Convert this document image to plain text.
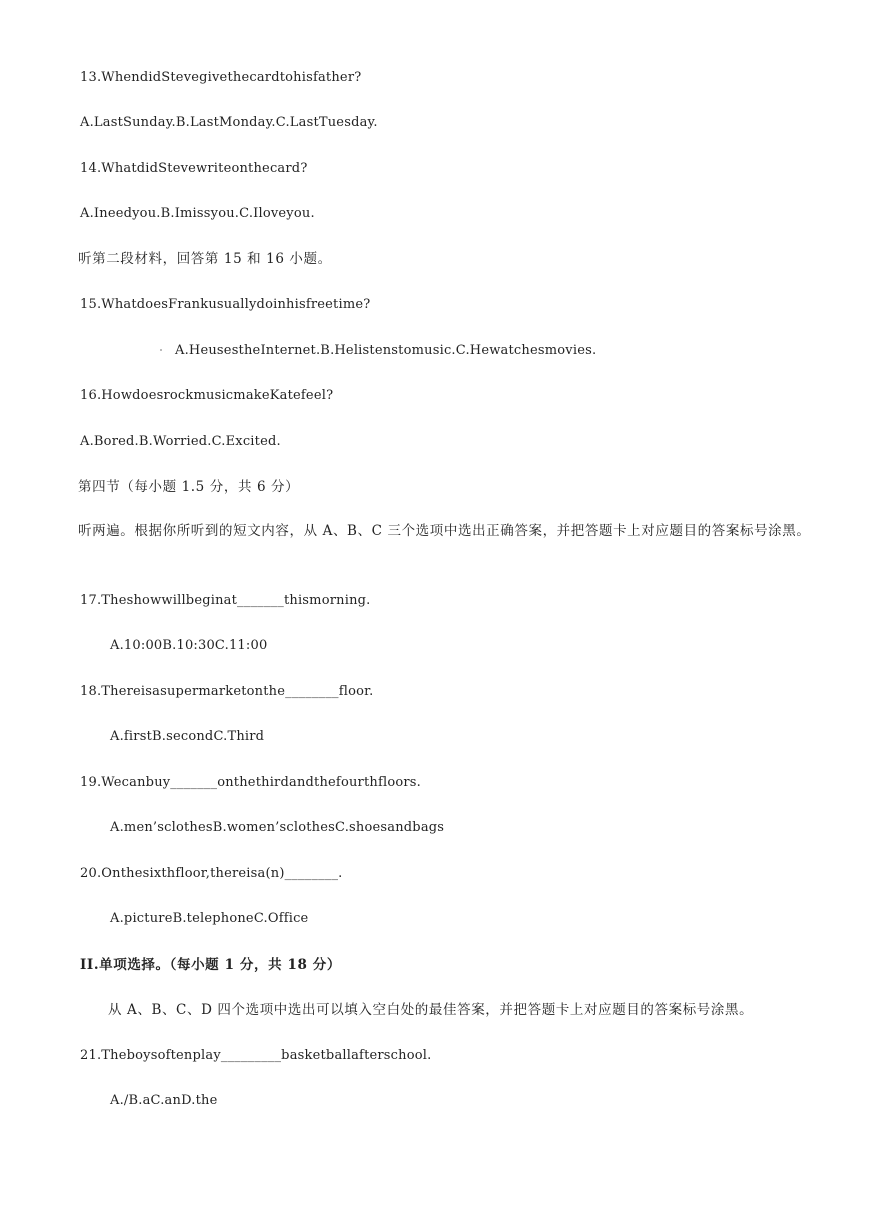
13.WhendidStevegivethecardtohisfather?
A.LastSunday.B.LastMonday.C.LastTuesday.
14.WhatdidStevewriteonthecard?
A.Ineedyou.B.Imissyou.C.Iloveyou.
听第二段材料，回答第 15 和 16 小题。
15.WhatdoesFrankusuallydoinhisfreetime?
A.HeusestheInternet.B.Helistenstomusic.C.Hewatchesmovies.
16.HowdoesrockmusicmakeKatefeel?
A.Bored.B.Worried.C.Excited.
第四节（每小题 1.5 分，共 6 分）
听两遍。根据你所听到的短文内容，从 A、B、C 三个选项中选出正确答案，并把答题卡上对应题目的答案标号涂黑。
17.Theshowwillbeginat_______thismorning.
A.10:00B.10:30C.11:00
18.Thereisasupermarketonthe________floor.
A.firstB.secondC.Third
19.Wecanbuy_______onthethirdandthefourthfloors.
A.men’sclothesB.women’sclothesC.shoesandbags
20.Onthesixthfloor,thereisa(n)________.
A.pictureB.telephoneC.Office
II.单项选择。（每小题 1 分，共 18 分）
从 A、B、C、D 四个选项中选出可以填入空白处的最佳答案，并把答题卡上对应题目的答案标号涂黑。
21.Theboysoftenplay_________basketballafterschool.
A./B.aC.anD.the
